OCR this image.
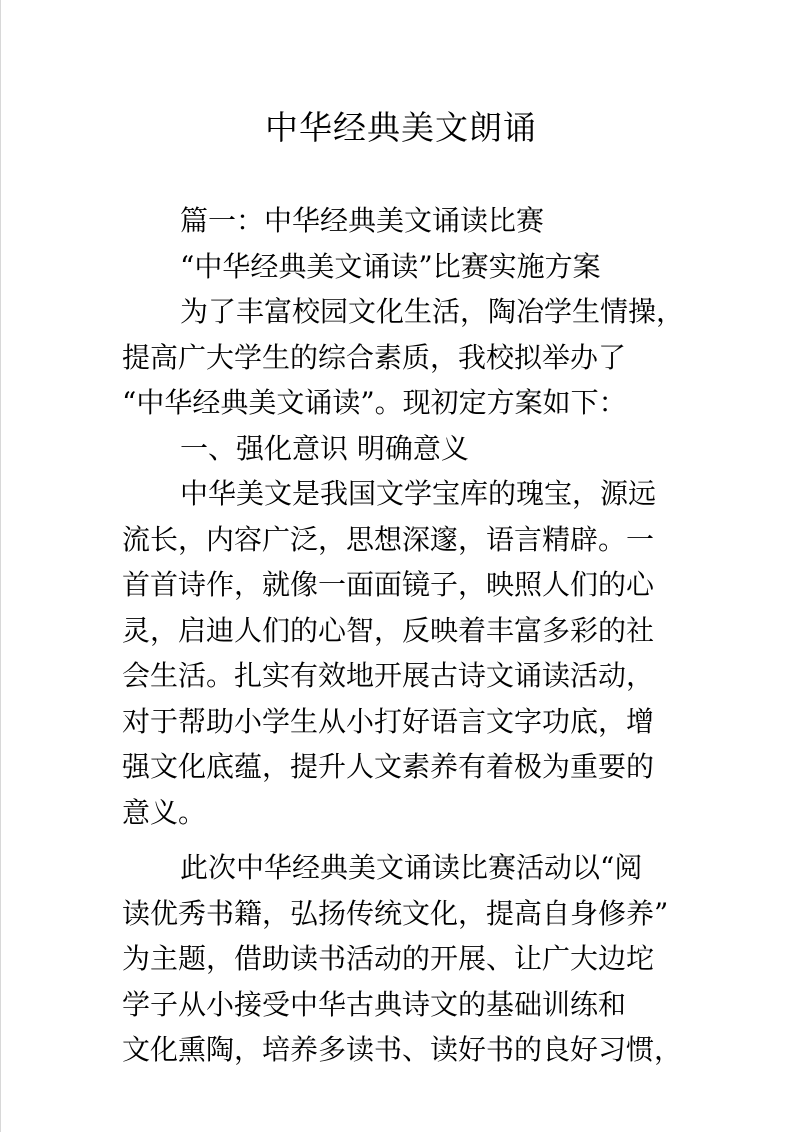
中华经典美文朗诵
篇一：中华经典美文诵读比赛
“中华经典美文诵读”比赛实施方案
为了丰富校园文化生活，陶冶学生情操，
提高广大学生的综合素质，我校拟举办了
“中华经典美文诵读”。现初定方案如下：
一、强化意识 明确意义
中华美文是我国文学宝库的瑰宝，源远
流长，内容广泛，思想深邃，语言精辟。一
首首诗作，就像一面面镜子，映照人们的心
灵，启迪人们的心智，反映着丰富多彩的社
会生活。扎实有效地开展古诗文诵读活动，
对于帮助小学生从小打好语言文字功底，增
强文化底蕴，提升人文素养有着极为重要的
意义。
此次中华经典美文诵读比赛活动以“阅
读优秀书籍，弘扬传统文化，提高自身修养”
为主题，借助读书活动的开展、让广大边坨
学子从小接受中华古典诗文的基础训练和
文化熏陶，培养多读书、读好书的良好习惯，
